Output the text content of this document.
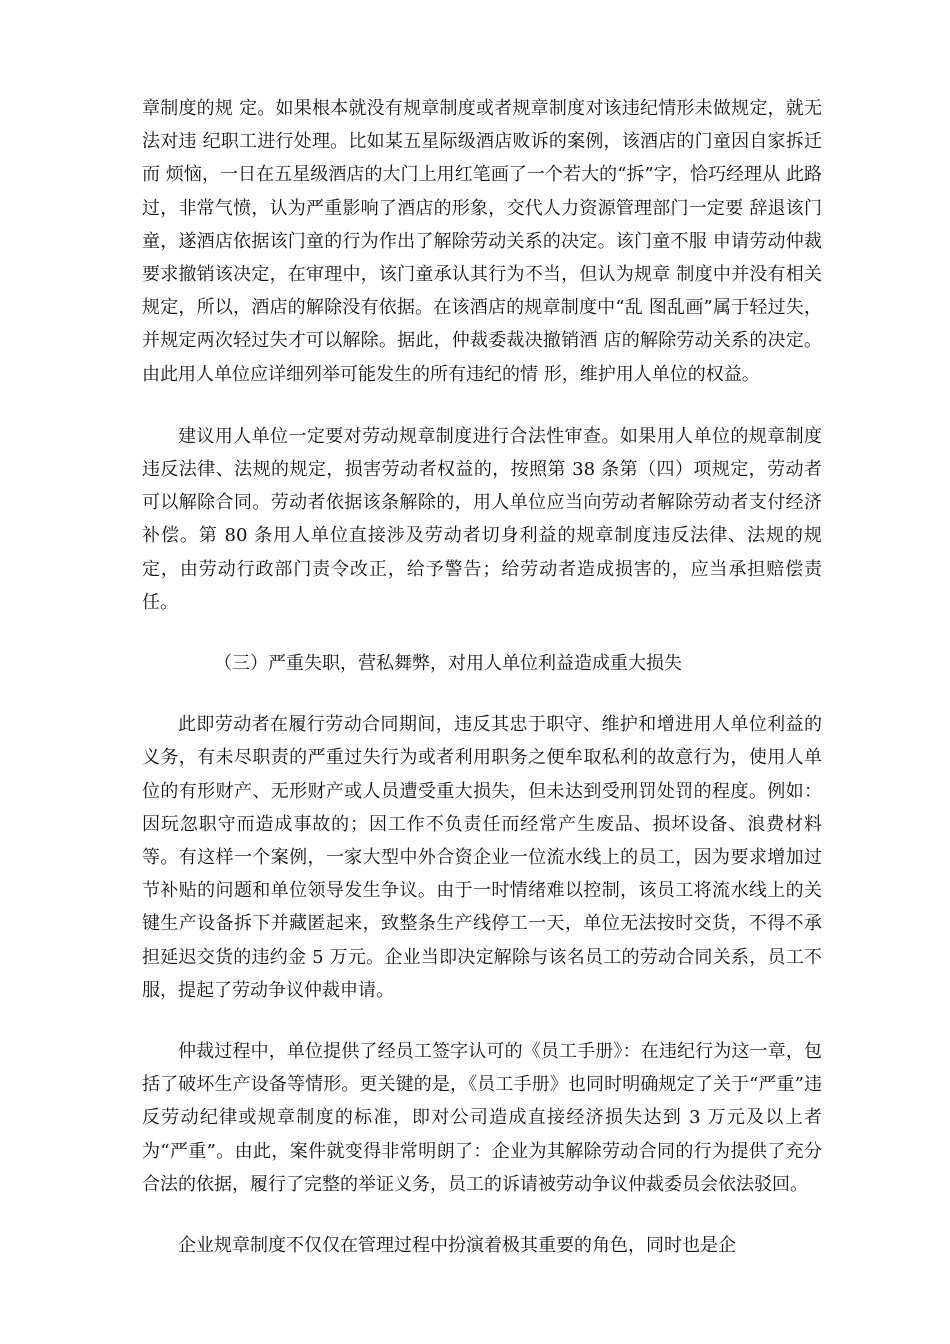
章制度的规 定。如果根本就没有规章制度或者规章制度对该违纪情形未做规定，就无法对违 纪职工进行处理。比如某五星际级酒店败诉的案例，该酒店的门童因自家拆迁而 烦恼，一日在五星级酒店的大门上用红笔画了一个若大的“拆”字，恰巧经理从 此路过，非常气愤，认为严重影响了酒店的形象，交代人力资源管理部门一定要 辞退该门童，遂酒店依据该门童的行为作出了解除劳动关系的决定。该门童不服 申请劳动仲裁要求撤销该决定，在审理中，该门童承认其行为不当，但认为规章 制度中并没有相关规定，所以，酒店的解除没有依据。在该酒店的规章制度中“乱 图乱画”属于轻过失，并规定两次轻过失才可以解除。据此，仲裁委裁决撤销酒 店的解除劳动关系的决定。由此用人单位应详细列举可能发生的所有违纪的情 形，维护用人单位的权益。

建议用人单位一定要对劳动规章制度进行合法性审查。如果用人单位的规章制度违反法律、法规的规定，损害劳动者权益的，按照第 38 条第（四）项规定，劳动者可以解除合同。劳动者依据该条解除的，用人单位应当向劳动者解除劳动者支付经济补偿。第 80 条用人单位直接涉及劳动者切身利益的规章制度违反法律、法规的规定，由劳动行政部门责令改正，给予警告；给劳动者造成损害的，应当承担赔偿责任。

（三）严重失职，营私舞弊，对用人单位利益造成重大损失

此即劳动者在履行劳动合同期间，违反其忠于职守、维护和增进用人单位利益的义务，有未尽职责的严重过失行为或者利用职务之便牟取私利的故意行为，使用人单位的有形财产、无形财产或人员遭受重大损失，但未达到受刑罚处罚的程度。例如：因玩忽职守而造成事故的；因工作不负责任而经常产生废品、损坏设备、浪费材料等。有这样一个案例，一家大型中外合资企业一位流水线上的员工，因为要求增加过节补贴的问题和单位领导发生争议。由于一时情绪难以控制，该员工将流水线上的关键生产设备拆下并藏匿起来，致整条生产线停工一天，单位无法按时交货，不得不承担延迟交货的违约金 5 万元。企业当即决定解除与该名员工的劳动合同关系，员工不服，提起了劳动争议仲裁申请。

仲裁过程中，单位提供了经员工签字认可的《员工手册》：在违纪行为这一章，包括了破坏生产设备等情形。更关键的是，《员工手册》也同时明确规定了关于“严重”违反劳动纪律或规章制度的标准，即对公司造成直接经济损失达到 3 万元及以上者为“严重”。由此，案件就变得非常明朗了：企业为其解除劳动合同的行为提供了充分合法的依据，履行了完整的举证义务，员工的诉请被劳动争议仲裁委员会依法驳回。

企业规章制度不仅仅在管理过程中扮演着极其重要的角色，同时也是企
